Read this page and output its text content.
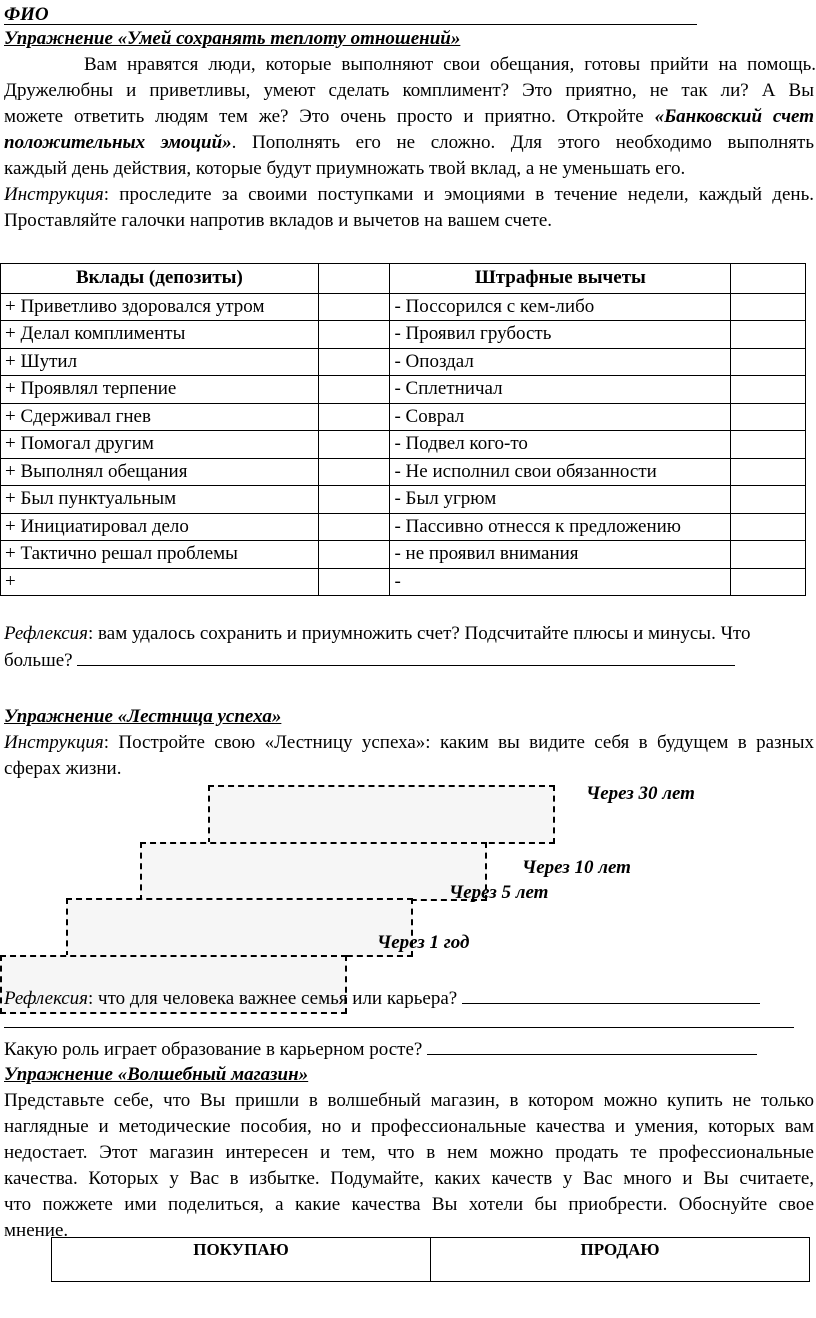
ФИО
Упражнение «Умей сохранять теплоту отношений»
Вам нравятся люди, которые выполняют свои обещания, готовы прийти на помощь.
Дружелюбны и приветливы, умеют сделать комплимент? Это приятно, не так ли? А Вы
можете ответить людям тем же? Это очень просто и приятно. Откройте «Банковский счет
положительных эмоций». Пополнять его не сложно. Для этого необходимо выполнять
каждый день действия, которые будут приумножать твой вклад, а не уменьшать его.
Инструкция: проследите за своими поступками и эмоциями в течение недели, каждый день.
Проставляйте галочки напротив вкладов и вычетов на вашем счете.
Вклады (депозиты)		Штрафные вычеты	
+ Приветливо здоровался утром		- Поссорился с кем-либо	
+ Делал комплименты		- Проявил грубость	
+ Шутил		- Опоздал	
+ Проявлял терпение		- Сплетничал	
+ Сдерживал гнев		- Соврал	
+ Помогал другим		- Подвел кого-то	
+ Выполнял обещания		- Не исполнил свои обязанности	
+ Был пунктуальным		- Был угрюм	
+ Инициатировал дело		- Пассивно отнесся к предложению	
+ Тактично решал проблемы		- не проявил внимания	
+		-	
Рефлексия: вам удалось сохранить и приумножить счет? Подсчитайте плюсы и минусы. Что
больше?
Упражнение «Лестница успеха»
Инструкция: Постройте свою «Лестницу успеха»: каким вы видите себя в будущем в разных
сферах жизни.
Через 30 лет
Через 10 лет
Через 5 лет
Через 1 год
Рефлексия: что для человека важнее семья или карьера?
Какую роль играет образование в карьерном росте?
Упражнение «Волшебный магазин»
Представьте себе, что Вы пришли в волшебный магазин, в котором можно купить не только
наглядные и методические пособия, но и профессиональные качества и умения, которых вам
недостает. Этот магазин интересен и тем, что в нем можно продать те профессиональные
качества. Которых у Вас в избытке. Подумайте, каких качеств у Вас много и Вы считаете,
что пожжете ими поделиться, а какие качества Вы хотели бы приобрести. Обоснуйте свое
мнение.
ПОКУПАЮ	ПРОДАЮ
